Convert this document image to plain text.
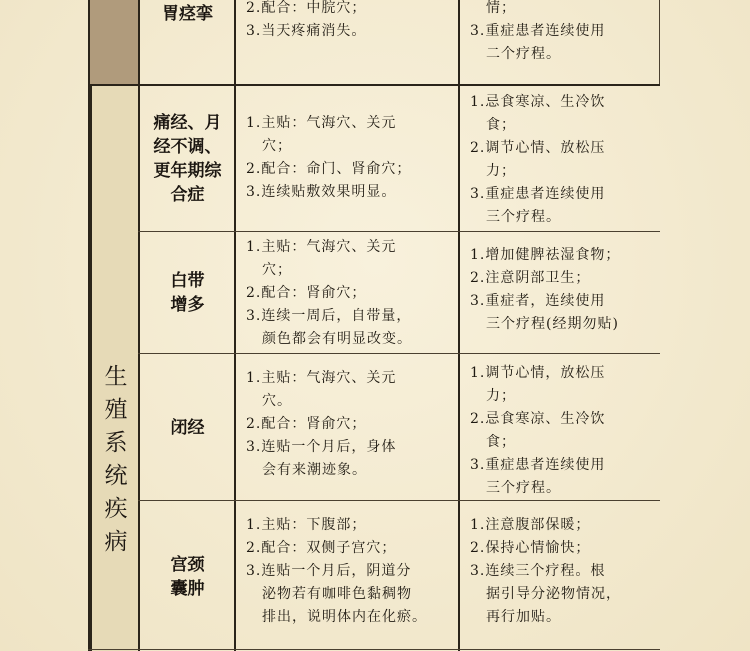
生
殖
系
统
疾
病
胃痉挛 2.配合：中脘穴；
3.当天疼痛消失。
情；
3.重症患者连续使用
二个疗程。
痛经、月
经不调、
更年期综
合症
1.主贴：气海穴、关元
穴；
2.配合：命门、肾俞穴；
3.连续贴敷效果明显。
1.忌食寒凉、生冷饮
食；
2.调节心情、放松压
力；
3.重症患者连续使用
三个疗程。
白带
增多
1.主贴：气海穴、关元
穴；
2.配合：肾俞穴；
3.连续一周后，自带量，
颜色都会有明显改变。
1.增加健脾祛湿食物；
2.注意阴部卫生；
3.重症者，连续使用
三个疗程(经期勿贴)
闭经
1.主贴：气海穴、关元
穴。
2.配合：肾俞穴；
3.连贴一个月后，身体
会有来潮迹象。
1.调节心情，放松压
力；
2.忌食寒凉、生冷饮
食；
3.重症患者连续使用
三个疗程。
宫颈
囊肿
1.主贴：下腹部；
2.配合：双侧子宫穴；
3.连贴一个月后，阴道分
泌物若有咖啡色黏稠物
排出，说明体内在化瘀。
1.注意腹部保暖；
2.保持心情愉快；
3.连续三个疗程。根
据引导分泌物情况，
再行加贴。
